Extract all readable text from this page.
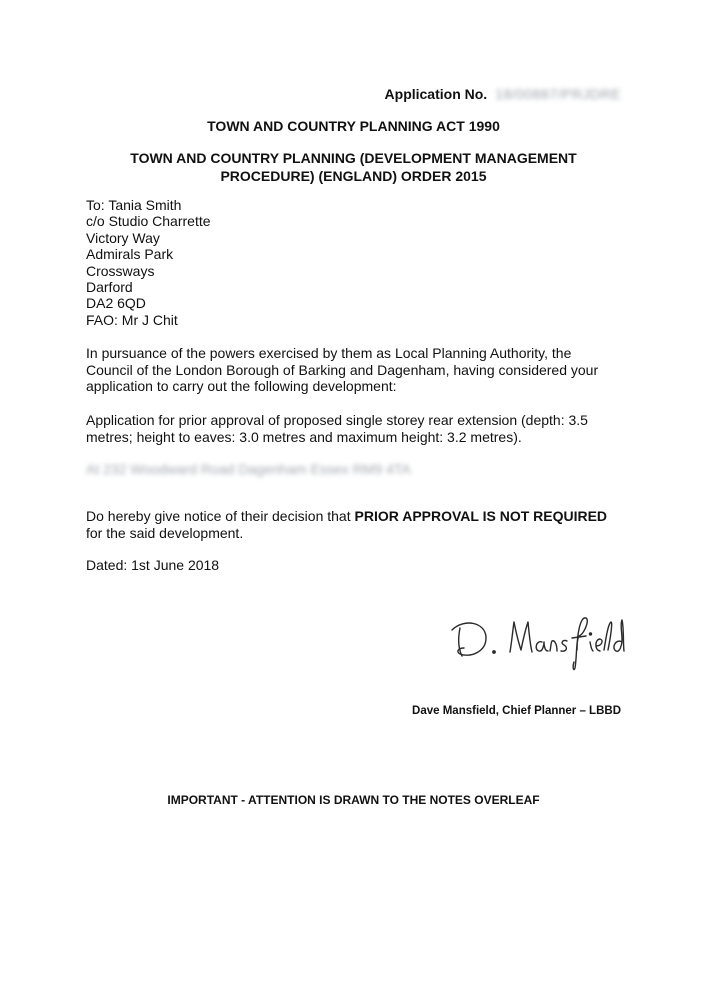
Application No. 18/00887/PRJDRE
TOWN AND COUNTRY PLANNING ACT 1990
TOWN AND COUNTRY PLANNING (DEVELOPMENT MANAGEMENT
PROCEDURE) (ENGLAND) ORDER 2015
To: Tania Smith
c/o Studio Charrette
Victory Way
Admirals Park
Crossways
Darford
DA2 6QD
FAO: Mr J Chit
In pursuance of the powers exercised by them as Local Planning Authority, the
Council of the London Borough of Barking and Dagenham, having considered your
application to carry out the following development:
Application for prior approval of proposed single storey rear extension (depth: 3.5
metres; height to eaves: 3.0 metres and maximum height: 3.2 metres).
At 232 Woodward Road Dagenham Essex RM9 4TA
Do hereby give notice of their decision that PRIOR APPROVAL IS NOT REQUIRED
for the said development.
Dated: 1st June 2018
Dave Mansfield, Chief Planner – LBBD
IMPORTANT - ATTENTION IS DRAWN TO THE NOTES OVERLEAF
